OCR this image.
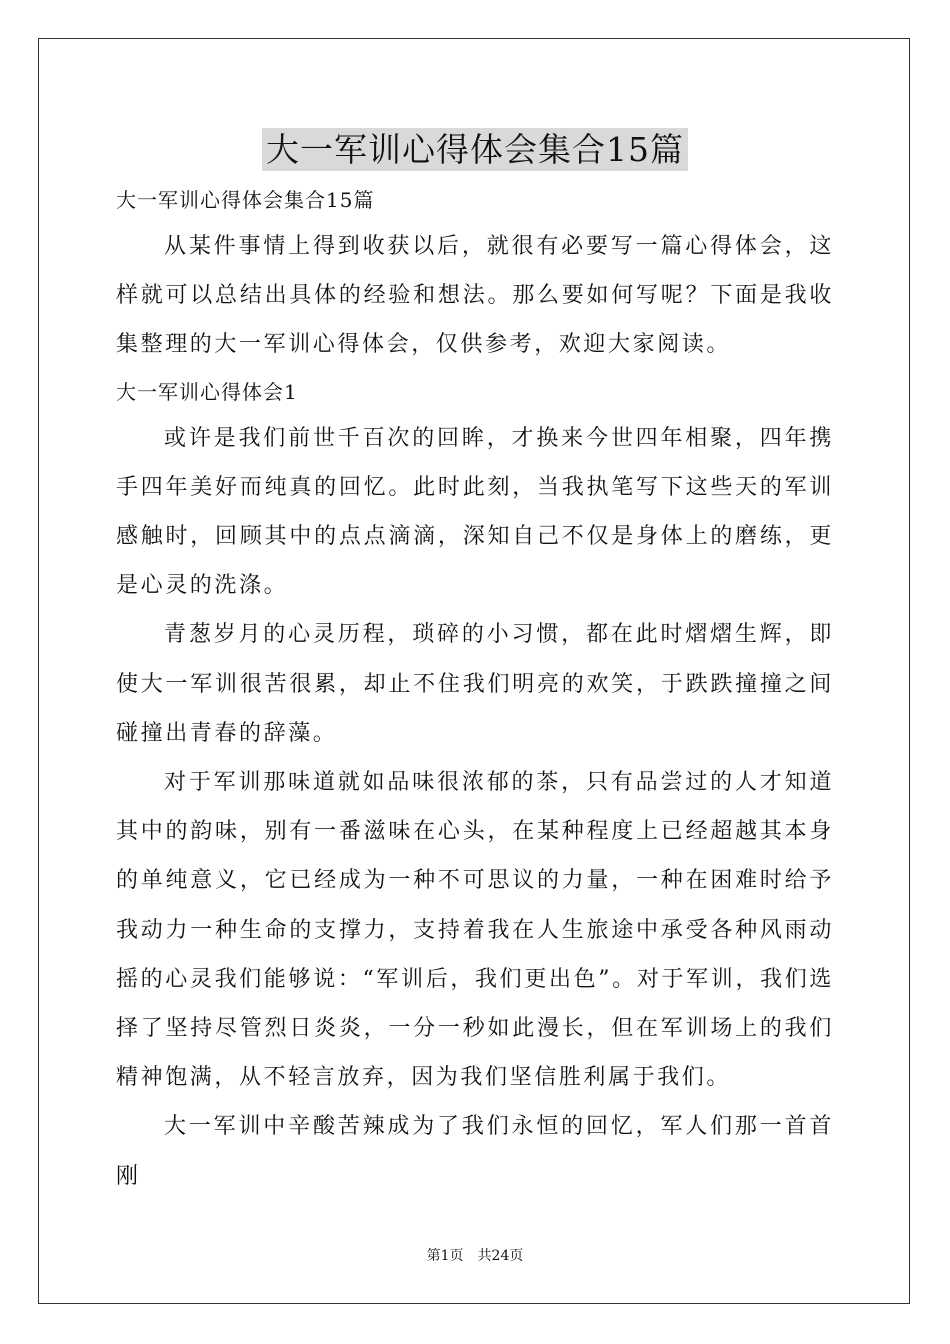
大一军训心得体会集合15篇

大一军训心得体会集合15篇

从某件事情上得到收获以后，就很有必要写一篇心得体会，这样就可以总结出具体的经验和想法。那么要如何写呢？下面是我收集整理的大一军训心得体会，仅供参考，欢迎大家阅读。

大一军训心得体会1

或许是我们前世千百次的回眸，才换来今世四年相聚，四年携手四年美好而纯真的回忆。此时此刻，当我执笔写下这些天的军训感触时，回顾其中的点点滴滴，深知自己不仅是身体上的磨练，更是心灵的洗涤。

青葱岁月的心灵历程，琐碎的小习惯，都在此时熠熠生辉，即使大一军训很苦很累，却止不住我们明亮的欢笑，于跌跌撞撞之间碰撞出青春的辞藻。

对于军训那味道就如品味很浓郁的茶，只有品尝过的人才知道其中的韵味，别有一番滋味在心头，在某种程度上已经超越其本身的单纯意义，它已经成为一种不可思议的力量，一种在困难时给予我动力一种生命的支撑力，支持着我在人生旅途中承受各种风雨动摇的心灵我们能够说：“军训后，我们更出色”。对于军训，我们选择了坚持尽管烈日炎炎，一分一秒如此漫长，但在军训场上的我们精神饱满，从不轻言放弃，因为我们坚信胜利属于我们。

大一军训中辛酸苦辣成为了我们永恒的回忆，军人们那一首首刚

第1页 共24页
